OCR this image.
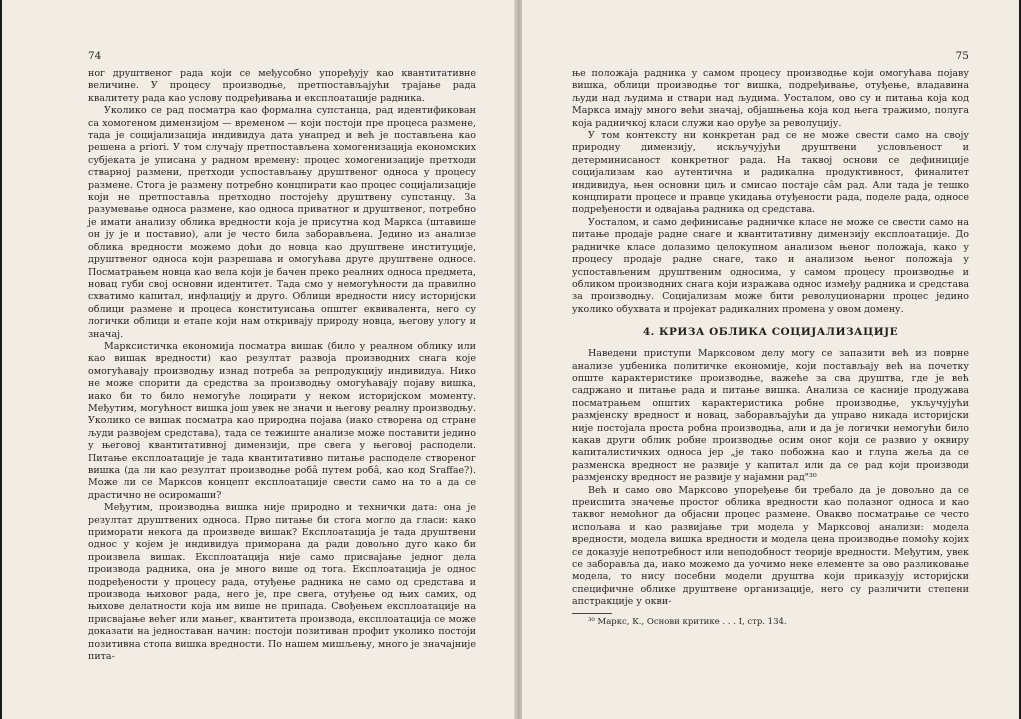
74

ног друштвеног рада који се међусобно упоређују као квантитативне величине. У процесу производње, претпостављајући трајање рада квалитету рада као услову подређивања и експлоатације радника.

Уколико се рад посматра као формална супстанца, рад идентификован са хомогеном димензијом — временом — који постоји пре процеса размене, тада је социјализација индивидуа дата унапред и већ је постављена као решена a priori. У том случају претпостављена хомогенизација економских субјеката је уписана у радном времену: процес хомогенизације претходи стварној размени, претходи успостављању друштвеног односа у процесу размене. Стога је размену потребно концпирати као процес социјализације који не претпоставља претходно постојећу друштвену супстанцу. За разумевање односа размене, као односа приватног и друштвеног, потребно је имати анализу облика вредности која је присутна код Маркса (штавише он ју је и поставио), али је често била заборављена. Једино из анализе облика вредности можемо доћи до новца као друштвене институције, друштвеног односа који разрешава и омогућава друге друштвене односе. Посматрањем новца као вела који је бачен преко реалних односа предмета, новац губи свој основни идентитет. Тада смо у немогућности да правилно схватимо капитал, инфлацију и друго. Облици вредности нису историјски облици размене и процеса конституисања општег еквивалента, него су логички облици и етапе који нам откривају природу новца, његову улогу и значај.

Марксистичка економија посматра вишак (било у реалном облику или као вишак вредности) као резултат развоја производних снага које омогућавају производњу изнад потреба за репродукцију индивидуа. Нико не може спорити да средства за производњу омогућавају појаву вишка, иако би то било немогуће лоцирати у неком историјском моменту. Међутим, могућност вишка још увек не значи и његову реалну производњу. Уколико се вишак посматра као природна појава (иако створена од стране људи развојем средстава), тада се тежиште анализе може поставити једино у његовој квантитативној димензији, пре свега у његовој расподели. Питање експлоатације је тада квантитативно питање расподеле створеног вишка (да ли као резултат производње робâ путем робâ, као код Sraffae?). Може ли се Марксов концепт експлоатације свести само на то а да се драстично не осиромаши?

Међутим, производња вишка није природно и технички дата: она је резултат друштвених односа. Прво питање би стога могло да гласи: како приморати некога да произведе вишак? Експлоатација је тада друштвени однос у којем је индивидуа приморана да ради довољно дуго како би произвела вишак. Експлоатација није само присвајање једног дела производа радника, она је много више од тога. Експлоатација је однос подређености у процесу рада, отуђење радника не само од средстава и производа њиховог рада, него је, пре свега, отуђење од њих самих, од њихове делатности која им више не припада. Свођењем експлоатације на присвајање већег или мањег, квантитета производа, експлоатација се може доказати на једноставан начин: постоји позитиван профит уколико постоји позитивна стопа вишка вредности. По нашем мишљењу, много је значајније пита-

75

ње положаја радника у самом процесу производње који омогућава појаву вишка, облици производње тог вишка, подређивање, отуђење, владавина људи над људима и ствари над људима. Уосталом, ово су и питања која код Маркса имају много већи значај, објашњења која код њега тражимо, полуга која радничкој класи служи као оруђе за револуцију.

У том контексту ни конкретан рад се не може свести само на своју природну димензију, искључујући друштвени условљеност и детерминисаност конкретног рада. На таквој основи се дефиниције социјализам као аутентична и радикална продуктивност, финалитет индивидуа, њен основни циљ и смисао постаје сâм рад. Али тада је тешко концпирати процесе и правце укидања отуђености рада, поделе рада, односе подређености и одвајања радника од средстава.

Уосталом, и само дефинисање радничке класе не може се свести само на питање продаје радне снаге и квантитативну димензију експлоатације. До радничке класе долазимо целокупном анализом њеног положаја, како у процесу продаје радне снаге, тако и анализом њеног положаја у успостављеним друштвеним односима, у самом процесу производње и обликом производних снага који изражава однос између радника и средстава за производњу. Социјализам може бити револуционарни процес једино уколико обухвата и пројекат радикалних промена у овом домену.

4. КРИЗА ОБЛИКА СОЦИЈАЛИЗАЦИЈЕ

Наведени приступи Марксовом делу могу се запазити већ из поврне анализе уџбеника политичке економије, који постављају већ на почетку опште карактеристике производње, важеће за сва друштва, где је већ садржано и питање рада и питање вишка. Анализа се касније продужава посматрањем општих карактеристика робне производње, укључујући размјенску вредност и новац, заборављајући да управо никада историјски није постојала проста робна производња, али и да је логички немогући било какав други облик робне производње осим оног који се развио у оквиру капиталистичких односа јер „је тако побожна као и глупа жеља да се разменска вредност не развије у капитал или да се рад који производи размјенску вредност не развије у најамни рад"³⁰

Већ и само ово Марксово упоређење би требало да је довољно да се преиспита значење простог облика вредности као полазног односа и као таквог немоћног да објасни процес размене. Овакво посматрање се често испољава и као развијање три модела у Марксовој анализи: модела вредности, модела вишка вредности и модела цена производње помоћу којих се доказује непотребност или неподобност теорије вредности. Међутим, увек се заборавља да, иако можемо да уочимо неке елементе за ово разликовање модела, то нису посебни модели друштва који приказују историјски специфичне облике друштвене организације, него су различити степени апстракције у окви-

³⁰ Маркс, К., Основи критике . . . I, стр. 134.
